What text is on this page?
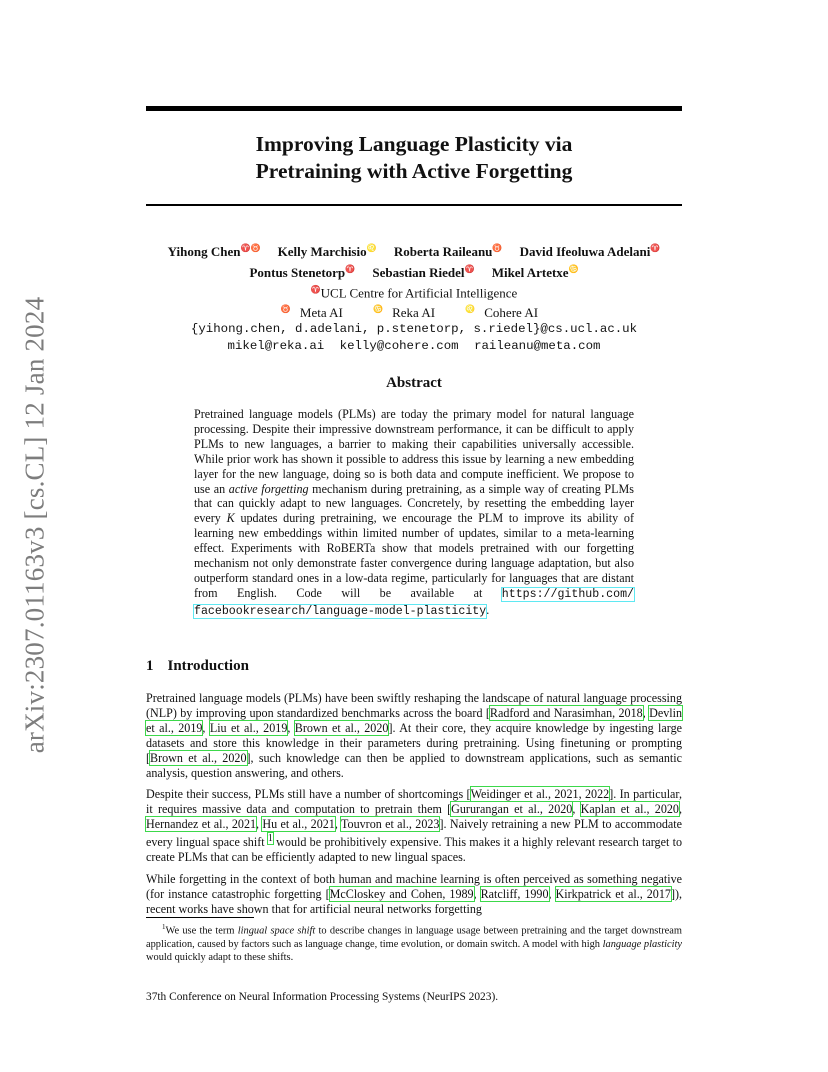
arXiv:2307.01163v3 [cs.CL] 12 Jan 2024
Improving Language Plasticity via
Pretraining with Active Forgetting
Yihong Chen♈♉ Kelly Marchisio♌ Roberta Raileanu♉ David Ifeoluwa Adelani♈
Pontus Stenetorp♈ Sebastian Riedel♈ Mikel Artetxe♋
♈UCL Centre for Artificial Intelligence
♉ Meta AI	♋ Reka AI	♌ Cohere AI
{yihong.chen, d.adelani, p.stenetorp, s.riedel}@cs.ucl.ac.uk
mikel@reka.ai kelly@cohere.com raileanu@meta.com
Abstract
Pretrained language models (PLMs) are today the primary model for natural language processing. Despite their impressive downstream performance, it can be difficult to apply PLMs to new languages, a barrier to making their capabilities universally accessible. While prior work has shown it possible to address this issue by learning a new embedding layer for the new language, doing so is both data and compute inefficient. We propose to use an active forgetting mechanism during pretraining, as a simple way of creating PLMs that can quickly adapt to new languages. Concretely, by resetting the embedding layer every K updates during pretraining, we encourage the PLM to improve its ability of learning new embeddings within limited number of updates, similar to a meta-learning effect. Experiments with RoBERTa show that models pretrained with our forgetting mechanism not only demonstrate faster convergence during language adaptation, but also outperform standard ones in a low-data regime, particularly for languages that are distant from English. Code will be available at https://github.com/ facebookresearch/language-model-plasticity.
1 Introduction

Pretrained language models (PLMs) have been swiftly reshaping the landscape of natural language processing (NLP) by improving upon standardized benchmarks across the board [Radford and Narasimhan, 2018, Devlin et al., 2019, Liu et al., 2019, Brown et al., 2020]. At their core, they acquire knowledge by ingesting large datasets and store this knowledge in their parameters during pretraining. Using finetuning or prompting [Brown et al., 2020], such knowledge can then be applied to downstream applications, such as semantic analysis, question answering, and others.

Despite their success, PLMs still have a number of shortcomings [Weidinger et al., 2021, 2022]. In particular, it requires massive data and computation to pretrain them [Gururangan et al., 2020, Kaplan et al., 2020, Hernandez et al., 2021, Hu et al., 2021, Touvron et al., 2023]. Naively retraining a new PLM to accommodate every lingual space shift $^1$ would be prohibitively expensive. This makes it a highly relevant research target to create PLMs that can be efficiently adapted to new lingual spaces.

While forgetting in the context of both human and machine learning is often perceived as something negative (for instance catastrophic forgetting [McCloskey and Cohen, 1989, Ratcliff, 1990, Kirkpatrick et al., 2017]), recent works have shown that for artificial neural networks forgetting

$^1$We use the term lingual space shift to describe changes in language usage between pretraining and the target downstream application, caused by factors such as language change, time evolution, or domain switch. A model with high language plasticity would quickly adapt to these shifts.
37th Conference on Neural Information Processing Systems (NeurIPS 2023).
